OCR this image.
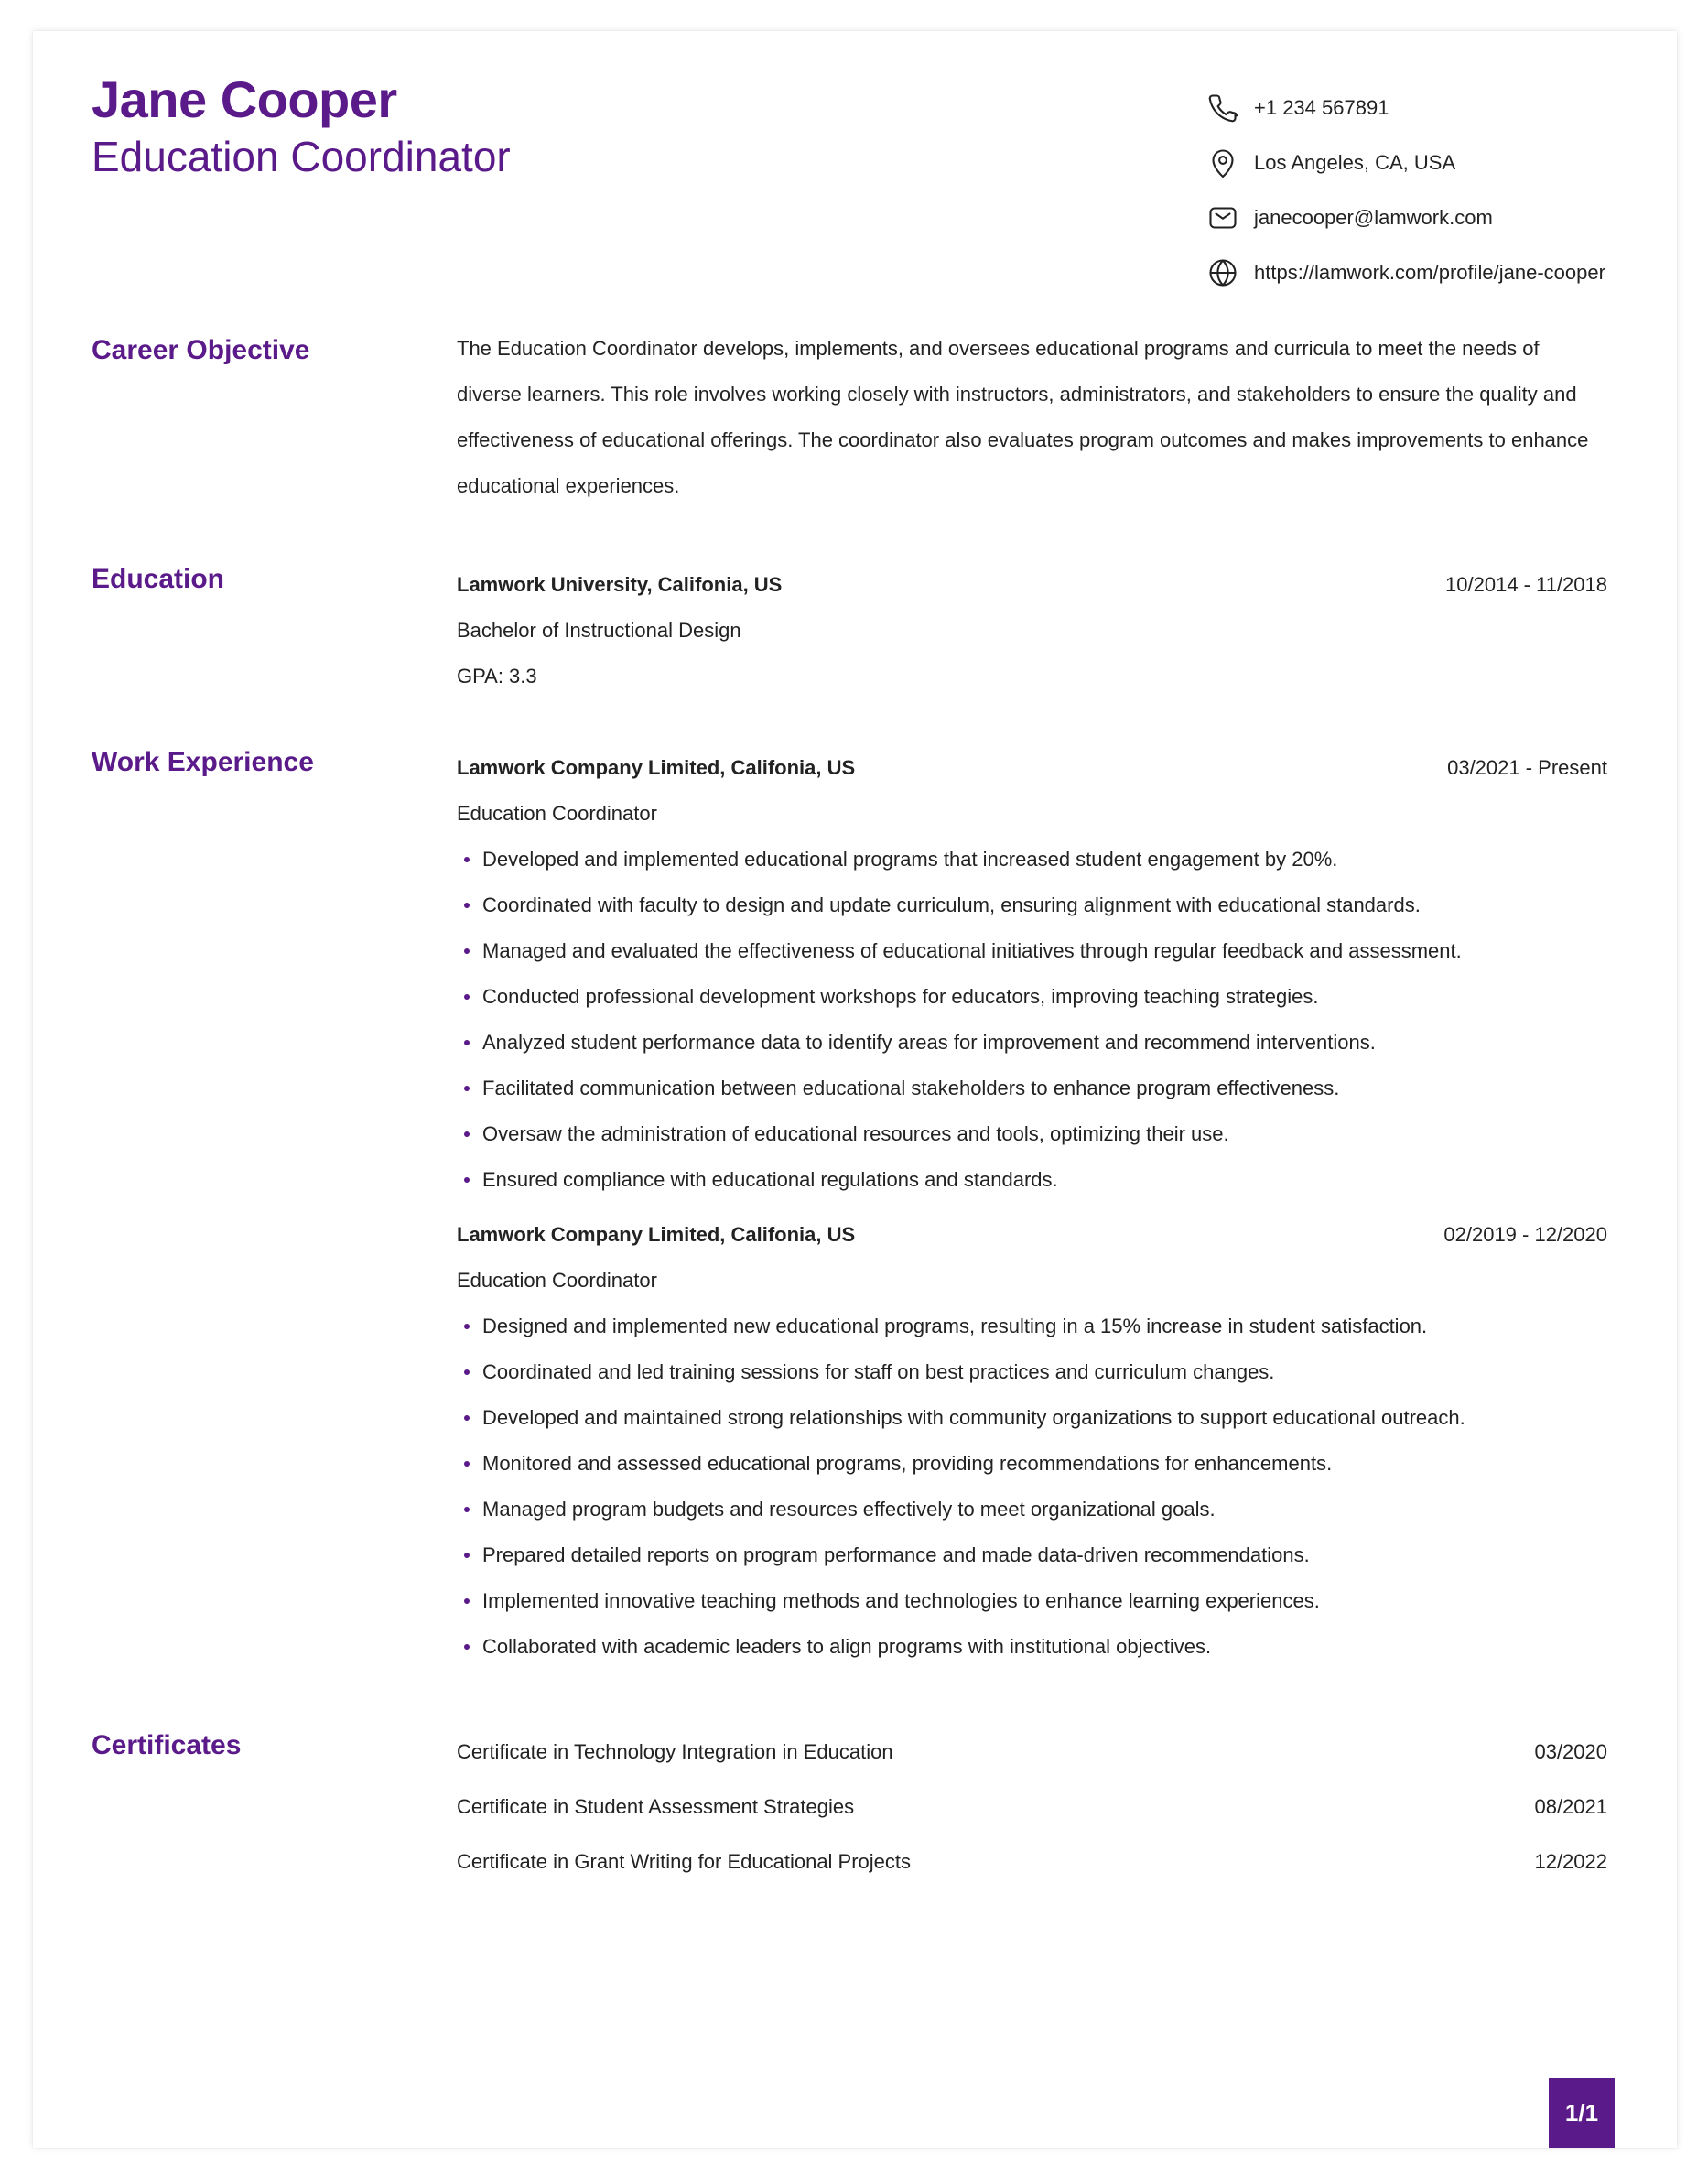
Jane Cooper
Education Coordinator
+1 234 567891
Los Angeles, CA, USA
janecooper@lamwork.com
https://lamwork.com/profile/jane-cooper
Career Objective	The Education Coordinator develops, implements, and oversees educational programs and curricula to meet the needs of diverse learners. This role involves working closely with instructors, administrators, and stakeholders to ensure the quality and effectiveness of educational offerings. The coordinator also evaluates program outcomes and makes improvements to enhance educational experiences.

Education	Lamwork University, Califonia, US	10/2014 - 11/2018
Bachelor of Instructional Design
GPA: 3.3
Work Experience	Lamwork Company Limited, Califonia, US	03/2021 - Present
Education Coordinator
Developed and implemented educational programs that increased student engagement by 20%.
Coordinated with faculty to design and update curriculum, ensuring alignment with educational standards.
Managed and evaluated the effectiveness of educational initiatives through regular feedback and assessment.
Conducted professional development workshops for educators, improving teaching strategies.
Analyzed student performance data to identify areas for improvement and recommend interventions.
Facilitated communication between educational stakeholders to enhance program effectiveness.
Oversaw the administration of educational resources and tools, optimizing their use.
Ensured compliance with educational regulations and standards.
Lamwork Company Limited, Califonia, US	02/2019 - 12/2020
Education Coordinator
Designed and implemented new educational programs, resulting in a 15% increase in student satisfaction.
Coordinated and led training sessions for staff on best practices and curriculum changes.
Developed and maintained strong relationships with community organizations to support educational outreach.
Monitored and assessed educational programs, providing recommendations for enhancements.
Managed program budgets and resources effectively to meet organizational goals.
Prepared detailed reports on program performance and made data-driven recommendations.
Implemented innovative teaching methods and technologies to enhance learning experiences.
Collaborated with academic leaders to align programs with institutional objectives.
Certificates	Certificate in Technology Integration in Education	03/2020
Certificate in Student Assessment Strategies	08/2021
Certificate in Grant Writing for Educational Projects	12/2022
1/1
